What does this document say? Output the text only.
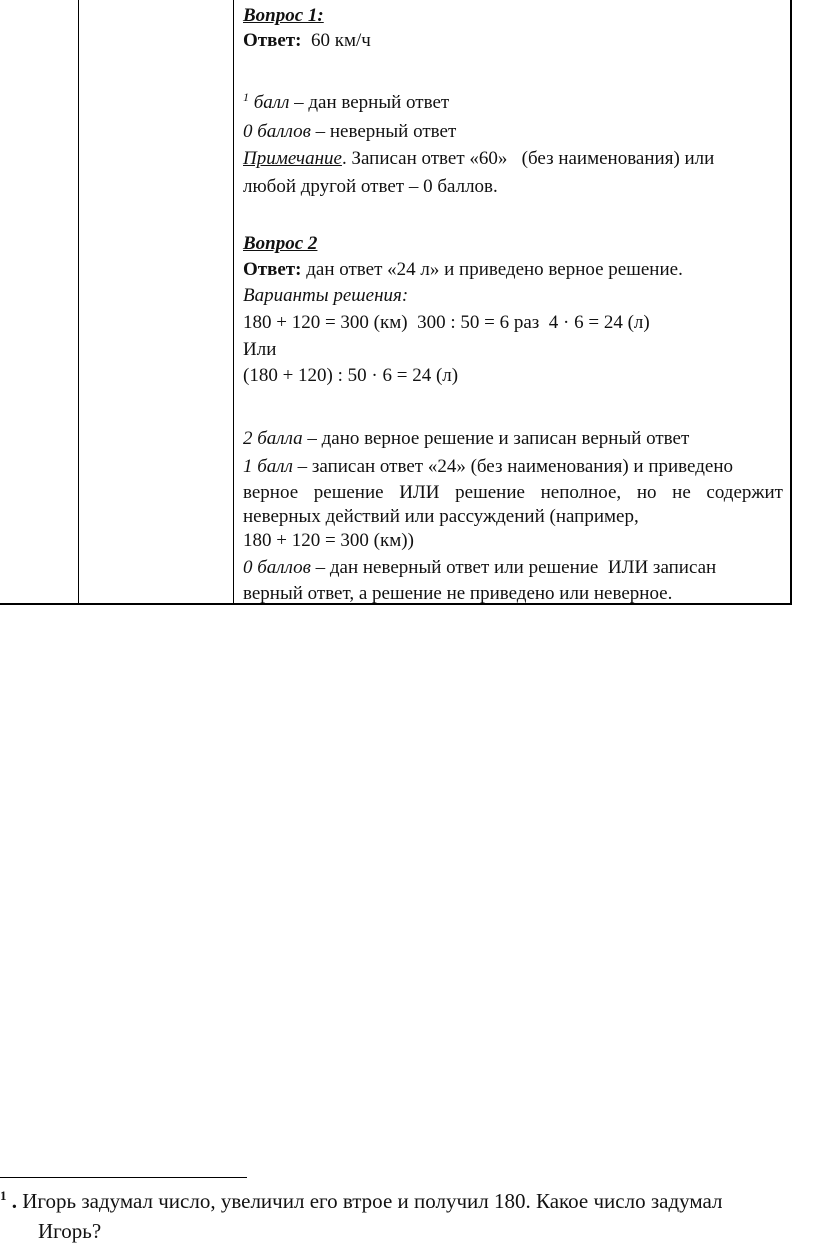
Вопрос 1:
Ответ:  60 км/ч
$^1$ балл – дан верный ответ
0 баллов – неверный ответ
Примечание. Записан ответ «60»   (без наименования) или
любой другой ответ – 0 баллов.
Вопрос 2
Ответ: дан ответ «24 л» и приведено верное решение.
Варианты решения:
180 + 120 = 300 (км)  300 : 50 = 6 раз  4 · 6 = 24 (л)
Или
(180 + 120) : 50 · 6 = 24 (л)
2 балла – дано верное решение и записан верный ответ
1 балл – записан ответ «24» (без наименования) и приведено
верное решение ИЛИ решение неполное, но не содержит
неверных действий или рассуждений (например,
180 + 120 = 300 (км))
0 баллов – дан неверный ответ или решение  ИЛИ записан
верный ответ, а решение не приведено или неверное.
$^1$ . Игорь задумал число, увеличил его втрое и получил 180. Какое число задумал
Игорь?
